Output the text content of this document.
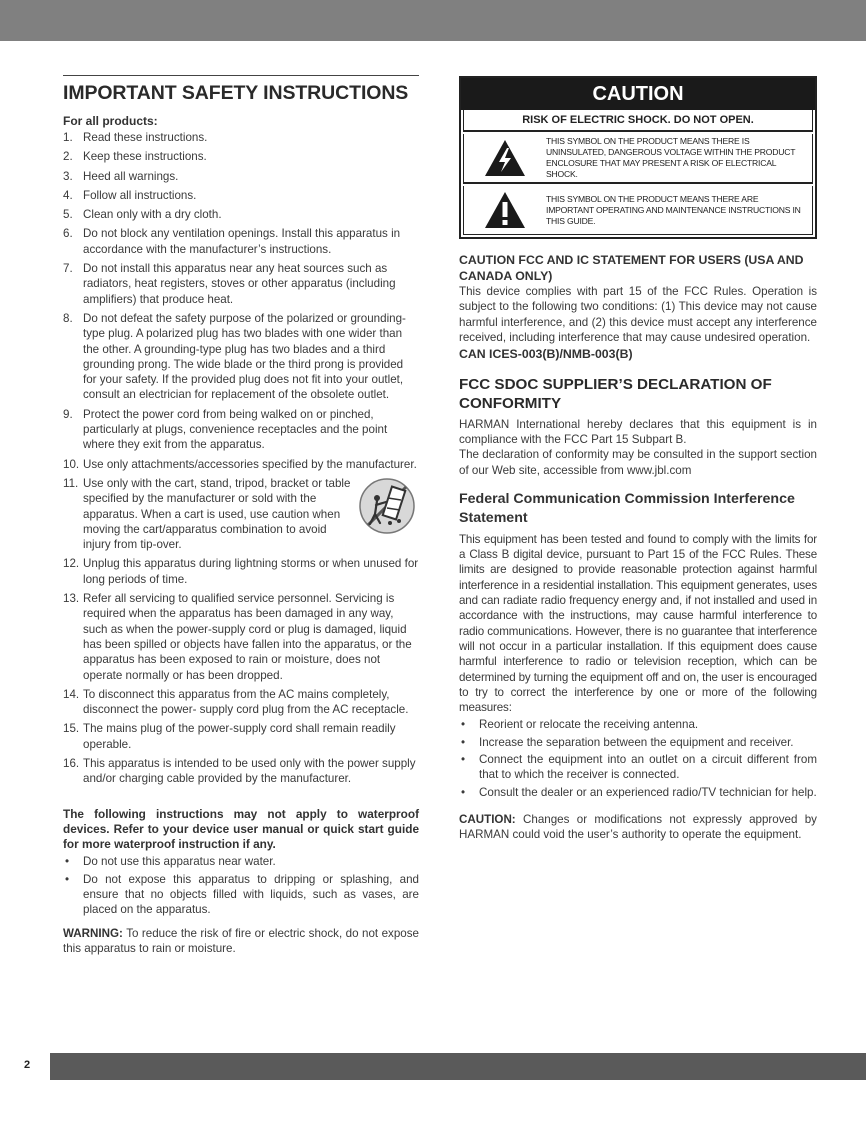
IMPORTANT SAFETY INSTRUCTIONS
For all products:
1. Read these instructions.
2. Keep these instructions.
3. Heed all warnings.
4. Follow all instructions.
5. Clean only with a dry cloth.
6. Do not block any ventilation openings. Install this apparatus in accordance with the manufacturer’s instructions.
7. Do not install this apparatus near any heat sources such as radiators, heat registers, stoves or other apparatus (including amplifiers) that produce heat.
8. Do not defeat the safety purpose of the polarized or grounding-type plug. A polarized plug has two blades with one wider than the other. A grounding-type plug has two blades and a third grounding prong. The wide blade or the third prong is provided for your safety. If the provided plug does not fit into your outlet, consult an electrician for replacement of the obsolete outlet.
9. Protect the power cord from being walked on or pinched, particularly at plugs, convenience receptacles and the point where they exit from the apparatus.
10. Use only attachments/accessories specified by the manufacturer.
11. Use only with the cart, stand, tripod, bracket or table specified by the manufacturer or sold with the apparatus. When a cart is used, use caution when moving the cart/apparatus combination to avoid injury from tip-over.
12. Unplug this apparatus during lightning storms or when unused for long periods of time.
13. Refer all servicing to qualified service personnel. Servicing is required when the apparatus has been damaged in any way, such as when the power-supply cord or plug is damaged, liquid has been spilled or objects have fallen into the apparatus, or the apparatus has been exposed to rain or moisture, does not operate normally or has been dropped.
14. To disconnect this apparatus from the AC mains completely, disconnect the power- supply cord plug from the AC receptacle.
15. The mains plug of the power-supply cord shall remain readily operable.
16. This apparatus is intended to be used only with the power supply and/or charging cable provided by the manufacturer.
The following instructions may not apply to waterproof devices. Refer to your device user manual or quick start guide for more waterproof instruction if any.
• Do not use this apparatus near water.
• Do not expose this apparatus to dripping or splashing, and ensure that no objects filled with liquids, such as vases, are placed on the apparatus.
WARNING: To reduce the risk of fire or electric shock, do not expose this apparatus to rain or moisture.
CAUTION
RISK OF ELECTRIC SHOCK. DO NOT OPEN.
THIS SYMBOL ON THE PRODUCT MEANS THERE IS UNINSULATED, DANGEROUS VOLTAGE WITHIN THE PRODUCT ENCLOSURE THAT MAY PRESENT A RISK OF ELECTRICAL SHOCK.
THIS SYMBOL ON THE PRODUCT MEANS THERE ARE IMPORTANT OPERATING AND MAINTENANCE INSTRUCTIONS IN THIS GUIDE.
CAUTION FCC AND IC STATEMENT FOR USERS (USA AND CANADA ONLY)
This device complies with part 15 of the FCC Rules. Operation is subject to the following two conditions: (1) This device may not cause harmful interference, and (2) this device must accept any interference received, including interference that may cause undesired operation.
CAN ICES-003(B)/NMB-003(B)
FCC SDOC SUPPLIER’S DECLARATION OF CONFORMITY
HARMAN International hereby declares that this equipment is in compliance with the FCC Part 15 Subpart B.
The declaration of conformity may be consulted in the support section of our Web site, accessible from www.jbl.com
Federal Communication Commission Interference Statement
This equipment has been tested and found to comply with the limits for a Class B digital device, pursuant to Part 15 of the FCC Rules. These limits are designed to provide reasonable protection against harmful interference in a residential installation. This equipment generates, uses and can radiate radio frequency energy and, if not installed and used in accordance with the instructions, may cause harmful interference to radio communications. However, there is no guarantee that interference will not occur in a particular installation. If this equipment does cause harmful interference to radio or television reception, which can be determined by turning the equipment off and on, the user is encouraged to try to correct the interference by one or more of the following measures:
• Reorient or relocate the receiving antenna.
• Increase the separation between the equipment and receiver.
• Connect the equipment into an outlet on a circuit different from that to which the receiver is connected.
• Consult the dealer or an experienced radio/TV technician for help.
CAUTION: Changes or modifications not expressly approved by HARMAN could void the user’s authority to operate the equipment.
2
